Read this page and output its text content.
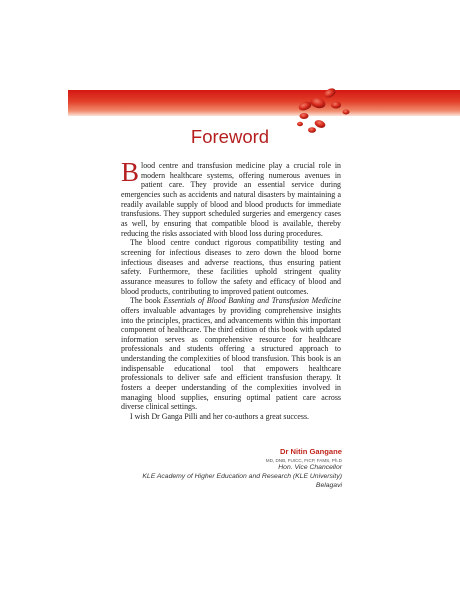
Foreword

Blood centre and transfusion medicine play a crucial role in modern healthcare systems, offering numerous avenues in patient care. They provide an essential service during emergencies such as accidents and natural disasters by maintaining a readily available supply of blood and blood products for immediate transfusions. They support scheduled surgeries and emergency cases as well, by ensuring that compatible blood is available, thereby reducing the risks associated with blood loss during procedures.

The blood centre conduct rigorous compatibility testing and screening for infectious diseases to zero down the blood borne infectious diseases and adverse reactions, thus ensuring patient safety. Furthermore, these facilities uphold stringent quality assurance measures to follow the safety and efficacy of blood and blood products, contributing to improved patient outcomes.

The book Essentials of Blood Banking and Transfusion Medicine offers invaluable advantages by providing comprehensive insights into the principles, practices, and advancements within this important component of healthcare. The third edition of this book with updated information serves as comprehensive resource for healthcare professionals and students offering a structured approach to understanding the complexities of blood transfusion. This book is an indispensable educational tool that empowers healthcare professionals to deliver safe and efficient transfusion therapy. It fosters a deeper understanding of the complexities involved in managing blood supplies, ensuring optimal patient care across diverse clinical settings.

I wish Dr Ganga Pilli and her co-authors a great success.

Dr Nitin Gangane
MD, DNB, FUICC, FICP, FAMS, Ph.D
Hon. Vice Chancellor
KLE Academy of Higher Education and Research (KLE University)
Belagavi
